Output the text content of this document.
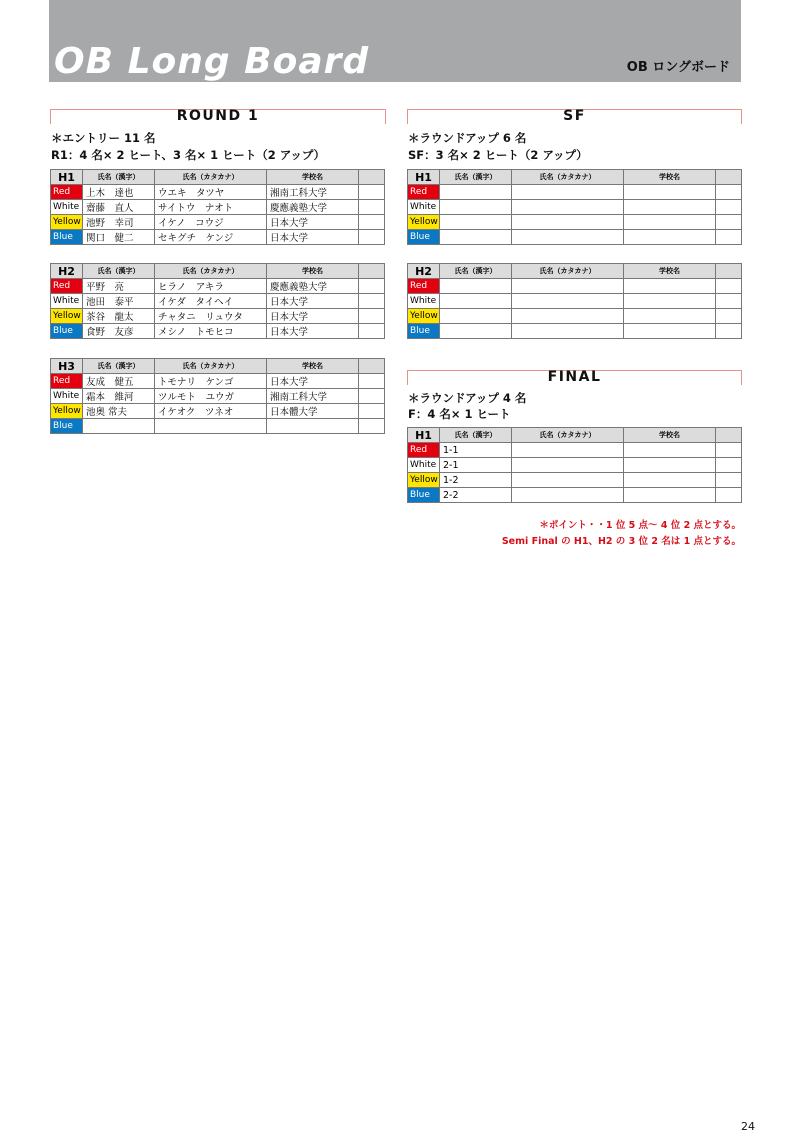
OB Long Board	OB ロングボード
ROUND 1
＊エントリー 11 名
R1：4 名× 2 ヒート、3 名× 1 ヒート（2 アップ）
SF
＊ラウンドアップ 6 名
SF：3 名× 2 ヒート（2 アップ）
FINAL
＊ラウンドアップ 4 名
F：4 名× 1 ヒート
＊ポイント・・1 位 5 点～ 4 位 2 点とする。
Semi Final の H1、H2 の 3 位 2 名は 1 点とする。
24
H1	氏名（漢字）	氏名（カタカナ）	学校名	
Red	上木　達也	ウエキ　タツヤ	湘南工科大学	
White	齋藤　直人	サイトウ　ナオト	慶應義塾大学	
Yellow	池野　幸司	イケノ　コウジ	日本大学	
Blue	関口　健二	セキグチ　ケンジ	日本大学	
H2	氏名（漢字）	氏名（カタカナ）	学校名	
Red	平野　亮	ヒラノ　アキラ	慶應義塾大学	
White	池田　泰平	イケダ　タイヘイ	日本大学	
Yellow	茶谷　龍太	チャタニ　リュウタ	日本大学	
Blue	食野　友彦	メシノ　トモヒコ	日本大学	
H3	氏名（漢字）	氏名（カタカナ）	学校名	
Red	友成　健五	トモナリ　ケンゴ	日本大学	
White	霜本　維河	ツルモト　ユウガ	湘南工科大学	
Yellow	池奥 常夫	イケオク　ツネオ	日本體大学	
Blue				
H1	氏名（漢字）	氏名（カタカナ）	学校名	
Red				
White				
Yellow				
Blue				
H2	氏名（漢字）	氏名（カタカナ）	学校名	
Red				
White				
Yellow				
Blue				
H1	氏名（漢字）	氏名（カタカナ）	学校名	
Red	1-1			
White	2-1			
Yellow	1-2			
Blue	2-2			
